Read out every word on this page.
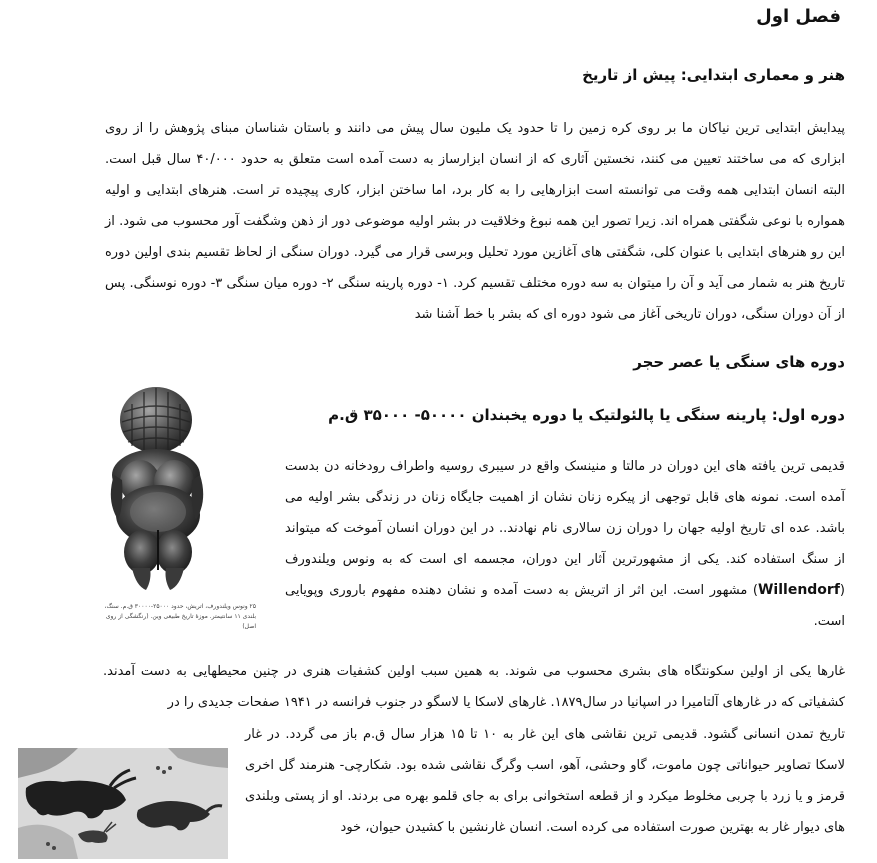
فصل اول
هنر و معماری ابتدایی: پیش از تاریخ

پیدایش ابتدایی ترین نیاکان ما بر روی کره زمین را تا حدود یک ملیون سال پیش می دانند و باستان شناسان مبنای پژوهش را از روی ابزاری که می ساختند تعیین می کنند، نخستین آثاری که از انسان ابزارساز به دست آمده است متعلق به حدود ۴۰/۰۰۰ سال قبل است. البته انسان ابتدایی همه وقت می توانسته است ابزارهایی را به کار برد، اما ساختن ابزار، کاری پیچیده تر است. هنرهای ابتدایی و اولیه همواره با نوعی شگفتی همراه اند. زیرا تصور این همه نبوغ وخلاقیت در بشر اولیه موضوعی دور از ذهن وشگفت آور محسوب می شود. از این رو هنرهای ابتدایی با عنوان کلی، شگفتی های آغازین مورد تحلیل وبرسی قرار می گیرد. دوران سنگی از لحاظ تقسیم بندی اولین دوره تاریخ هنر به شمار می آید و آن را میتوان به سه دوره مختلف تقسیم کرد. ۱- دوره پارینه سنگی ۲- دوره میان سنگی ۳- دوره نوسنگی. پس از آن دوران سنگی، دوران تاریخی آغاز می شود دوره ای که بشر با خط آشنا شد

دوره های سنگی یا عصر حجر
دوره اول: پارینه سنگی یا پالئولتیک یا دوره یخبندان ۵۰۰۰۰- ۳۵۰۰۰ ق.م

قدیمی ترین یافته های این دوران در مالتا و منینسک واقع در سیبری روسیه واطراف رودخانه دن بدست آمده است. نمونه های قابل توجهی از پیکره زنان نشان از اهمیت جایگاه زنان در زندگی بشر اولیه می باشد. عده ای تاریخ اولیه جهان را دوران زن سالاری نام نهادند.. در این دوران انسان آموخت که میتواند از سنگ استفاده کند. یکی از مشهورترین آثار این دوران، مجسمه ای است که به ونوس ویلندورف (Willendorf) مشهور است. این اثر از اتریش به دست آمده و نشان دهنده مفهوم باروری وپویایی است.

۲۵ ونوس ویلندورف، اتریش، حدود ۲۵۰۰۰-۳۰۰۰۰ ق.م. سنگ، بلندی ۱۱ سانتیمتر. موزهٔ تاریخ طبیعی وین. (رنگشگی از روی اصل)

غارها یکی از اولین سکونتگاه های بشری محسوب می شوند. به همین سبب اولین کشفیات هنری در چنین محیطهایی به دست آمدند. کشفیاتی که در غارهای آلتامیرا در اسپانیا در سال۱۸۷۹. غارهای لاسکا یا لاسگو در جنوب فرانسه در ۱۹۴۱ صفحات جدیدی را در

تاریخ تمدن انسانی گشود. قدیمی ترین نقاشی های این غار به ۱۰ تا ۱۵ هزار سال ق.م باز می گردد. در غار لاسکا تصاویر حیواناتی چون ماموت، گاو وحشی، آهو، اسب وگرگ نقاشی شده بود. شکارچی- هنرمند گل اخری قرمز و یا زرد با چربی مخلوط میکرد و از قطعه استخوانی برای به جای قلمو بهره می بردند. او از پستی وبلندی های دیوار غار به بهترین صورت استفاده می کرده است. انسان غارنشین با کشیدن حیوان، خود
